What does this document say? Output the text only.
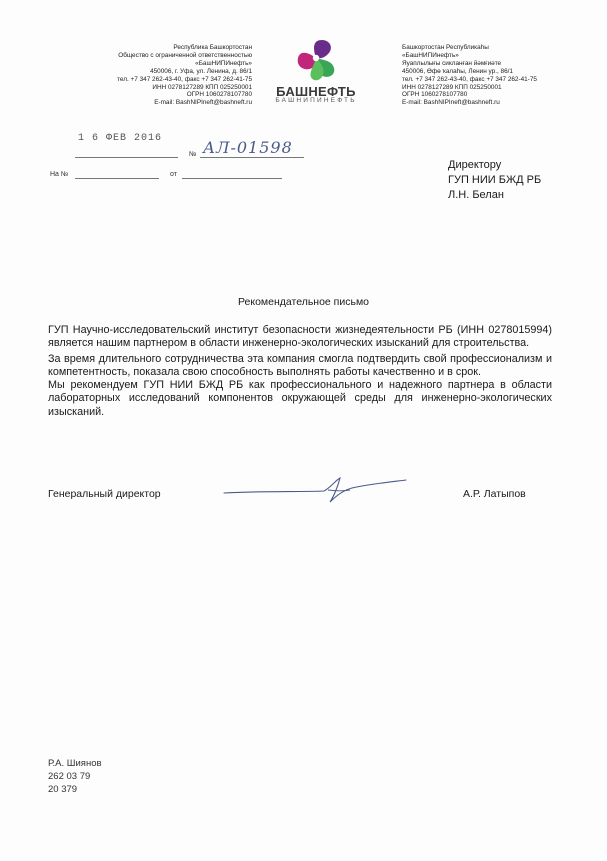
Республика Башкортостан
Общество с ограниченной ответственностью
«БашНИПИнефть»
450006, г. Уфа, ул. Ленина, д. 86/1
тел. +7 347 262-43-40, факс +7 347 262-41-75
ИНН 0278127289 КПП 025250001
ОГРН 1060278107780
E-mail: BashNIPIneft@bashneft.ru
БАШНЕФТЬ
БАШНИПИНЕФТЬ
Башкортостан Республикаһы
«БашНИПИнефть»
Яуаплылығы сикланған йәмғиәте
450006, Өфө ҡалаһы, Ленин ур., 86/1
тел. +7 347 262-43-40, факс +7 347 262-41-75
ИНН 0278127289 КПП 025250001
ОГРН 1060278107780
E-mail: BashNIPIneft@bashneft.ru
1 6 ФЕВ 2016
№ АЛ-01598
На №	от
Директору
ГУП НИИ БЖД РБ
Л.Н. Белан
Рекомендательное письмо

ГУП Научно-исследовательский институт безопасности жизнедеятельности РБ (ИНН 0278015994) является нашим партнером в области инженерно-экологических изысканий для строительства.

За время длительного сотрудничества эта компания смогла подтвердить свой профессионализм и компетентность, показала свою способность выполнять работы качественно и в срок.

Мы рекомендуем ГУП НИИ БЖД РБ как профессионального и надежного партнера в области лабораторных исследований компонентов окружающей среды для инженерно-экологических изысканий.

Генеральный директор	А.Р. Латыпов
Р.А. Шиянов
262 03 79
20 379
